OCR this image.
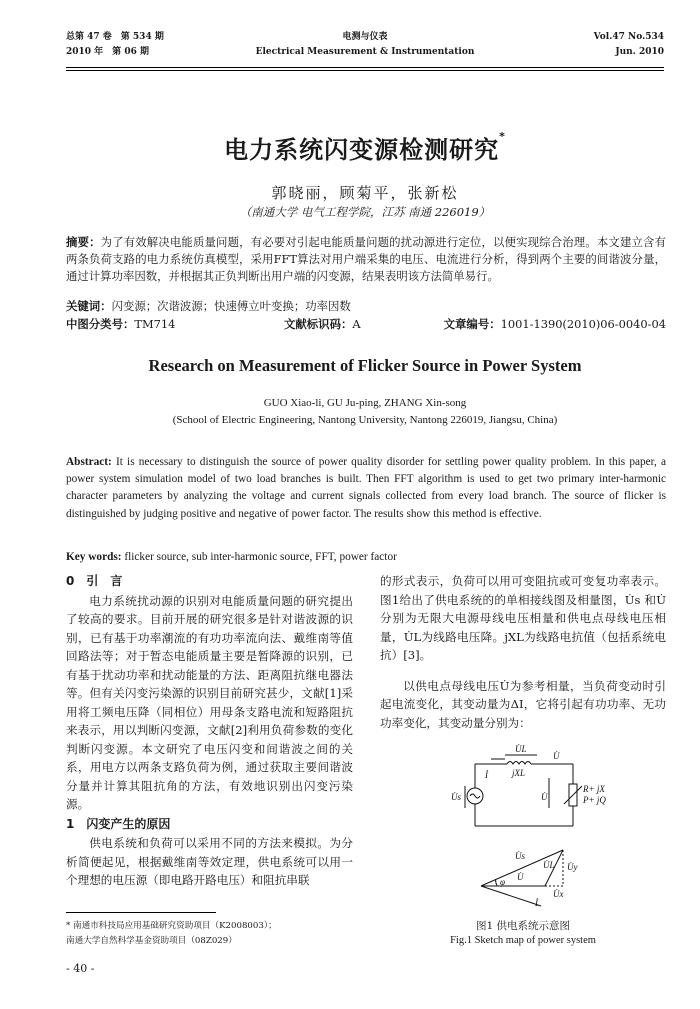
总第 47 卷　第 534 期
2010 年　第 06 期
电测与仪表
Electrical Measurement & Instrumentation
Vol.47 No.534
Jun. 2010
电力系统闪变源检测研究*
郭晓丽，顾菊平，张新松
（南通大学 电气工程学院，江苏 南通 226019）
摘要：为了有效解决电能质量问题，有必要对引起电能质量问题的扰动源进行定位，以便实现综合治理。本文建立含有两条负荷支路的电力系统仿真模型，采用FFT算法对用户端采集的电压、电流进行分析，得到两个主要的间谐波分量，通过计算功率因数，并根据其正负判断出用户端的闪变源，结果表明该方法简单易行。
关键词：闪变源；次谐波源；快速傅立叶变换；功率因数
中图分类号：TM714	文献标识码：A	文章编号：1001-1390(2010)06-0040-04
Research on Measurement of Flicker Source in Power System
GUO Xiao-li, GU Ju-ping, ZHANG Xin-song
(School of Electric Engineering, Nantong University, Nantong 226019, Jiangsu, China)
Abstract: It is necessary to distinguish the source of power quality disorder for settling power quality problem. In this paper, a power system simulation model of two load branches is built. Then FFT algorithm is used to get two primary inter-harmonic character parameters by analyzing the voltage and current signals collected from every load branch. The source of flicker is distinguished by judging positive and negative of power factor. The results show this method is effective.
Key words: flicker source, sub inter-harmonic source, FFT, power factor
0　引　言
电力系统扰动源的识别对电能质量问题的研究提出了较高的要求。目前开展的研究很多是针对谐波源的识别，已有基于功率潮流的有功功率流向法、戴维南等值回路法等；对于暂态电能质量主要是暂降源的识别，已有基于扰动功率和扰动能量的方法、距离阻抗继电器法等。但有关闪变污染源的识别目前研究甚少，文献[1]采用将工频电压降（同相位）用母条支路电流和短路阻抗来表示，用以判断闪变源，文献[2]利用负荷参数的变化判断闪变源。本文研究了电压闪变和间谐波之间的关系，用电方以两条支路负荷为例，通过获取主要间谐波分量并计算其阻抗角的方法，有效地识别出闪变污染源。
1　闪变产生的原因
供电系统和负荷可以采用不同的方法来模拟。为分析简便起见，根据戴维南等效定理，供电系统可以用一个理想的电压源（即电路开路电压）和阻抗串联
的形式表示，负荷可以用可变阻抗或可变复功率表示。图1给出了供电系统的的单相接线图及相量图，U̇s 和U̇分别为无限大电源母线电压相量和供电点母线电压相量，U̇L为线路电压降。jXL为线路电抗值（包括系统电抗）[3]。
以供电点母线电压U̇为参考相量，当负荷变动时引起电流变化，其变动量为ΔI，它将引起有功功率、无功功率变化，其变动量分别为：
İ
U̇L
U̇
jXL
U̇s	U̇
R+ jX
P+ jQ
U̇s
U̇L
U̇
U̇y
U̇x
φ
İ
图1 供电系统示意图
Fig.1 Sketch map of power system
* 南通市科技局应用基础研究资助项目（K2008003）；
南通大学自然科学基金资助项目（08Z029）
- 40 -
